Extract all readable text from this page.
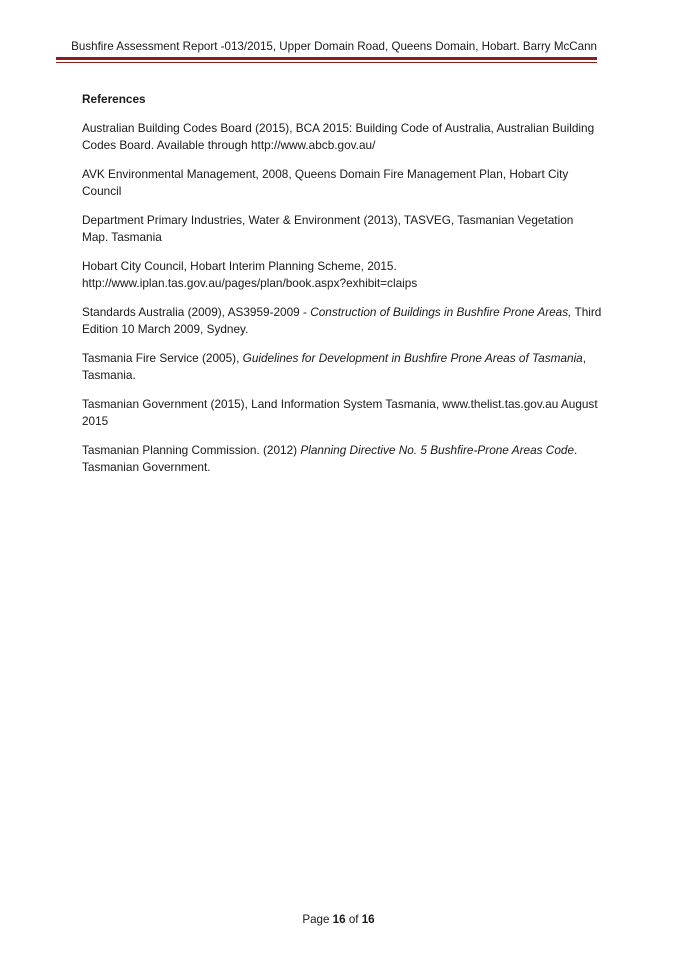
Bushfire Assessment Report -013/2015, Upper Domain Road, Queens Domain, Hobart. Barry McCann

References

Australian Building Codes Board (2015), BCA 2015: Building Code of Australia, Australian Building Codes Board. Available through http://www.abcb.gov.au/

AVK Environmental Management, 2008, Queens Domain Fire Management Plan, Hobart City Council

Department Primary Industries, Water & Environment (2013), TASVEG, Tasmanian Vegetation Map. Tasmania

Hobart City Council, Hobart Interim Planning Scheme, 2015.
http://www.iplan.tas.gov.au/pages/plan/book.aspx?exhibit=claips

Standards Australia (2009), AS3959-2009 - Construction of Buildings in Bushfire Prone Areas, Third Edition 10 March 2009, Sydney.

Tasmania Fire Service (2005), Guidelines for Development in Bushfire Prone Areas of Tasmania, Tasmania.

Tasmanian Government (2015), Land Information System Tasmania, www.thelist.tas.gov.au August 2015

Tasmanian Planning Commission. (2012) Planning Directive No. 5 Bushfire-Prone Areas Code. Tasmanian Government.

Page 16 of 16
